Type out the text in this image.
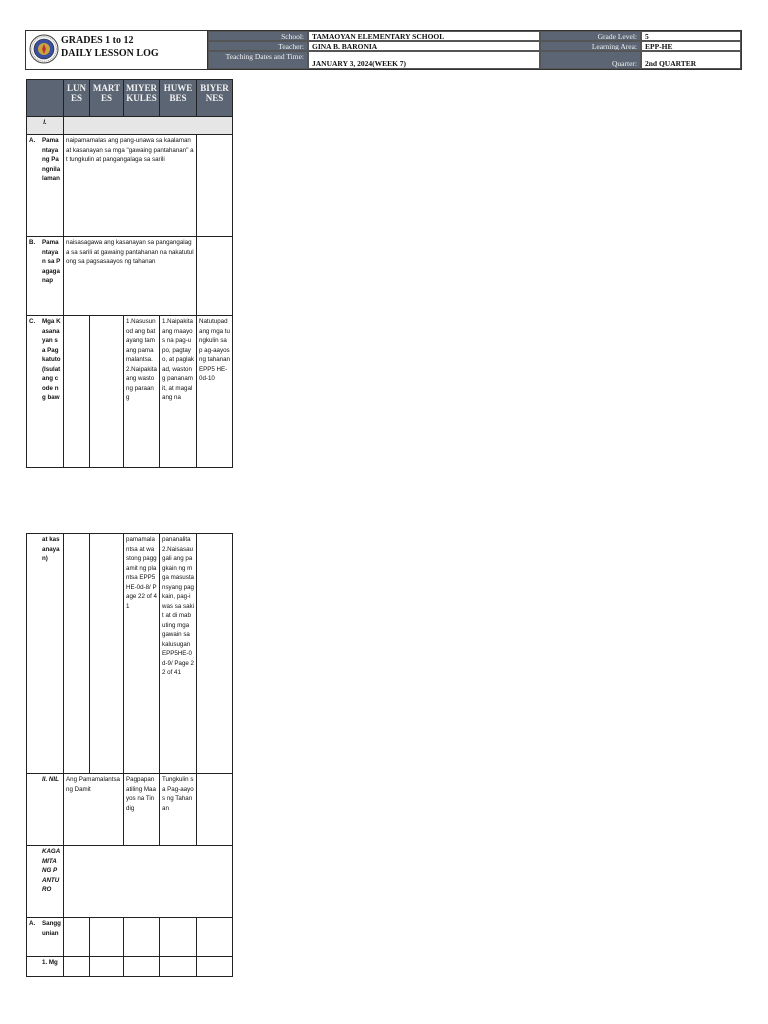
GRADES 1 to 12
DAILY LESSON LOG
School:	TAMAOYAN ELEMENTARY SCHOOL	Grade Level:	5
Teacher:	GINA B. BARONIA	Learning Area:	EPP-HE
Teaching Dates and Time:
JANUARY 3, 2024(WEEK 7)	Quarter:	2nd QUARTER
	LUNES	MARTES	MIYERKULES	HUWEBES	BIYERNES
I.					

A. Pamantayang Pangnilalaman	naipamamalas ang pang-unawa sa kaalaman at kasanayan sa mga "gawaing pantahanan" at tungkulin at pangangalaga sa sarili				

B. Pamantayan sa Pagaganap	naisasagawa ang kasanayan sa pangangalaga sa sarili at gawaing pantahanan na nakatutulong sa pagsasaayos ng tahanan				

C. Mga Kasanayan sa Pagkatuto (Isulat ang code ng baw			1.Nasusunod ang batayang tamang pamamalantsa. 2.Naipakita ang wastong paraang	1.Naipakita ang maayos na pag-upo, pagtayo, at paglakad, wastong pananamit, at magalang na	Natutupad ang mga tungkulin sap ag-aayos ng tahanan EPP5 HE-0d-10
at kasanayan)			pamamalantsa at wastong paggamit ng plantsa EPP5HE-0d-8/ Page 22 of 41	pananalita 2.Naisasaugali ang pagkain ng mga masustansyang pagkain, pag-iwas sa sakit at di mabuting mga gawain sa kalusugan EPP5HE-0d-9/ Page 22 of 41	
II. NIL	Ang Pamamalantsang Damit		Pagpapanatiling Maayos na Tindig	Tungkulin sa Pag-aayos ng Tahanan	
KAGAMITANG PANTURO					

A. Sanggunian					

1. Mg					
